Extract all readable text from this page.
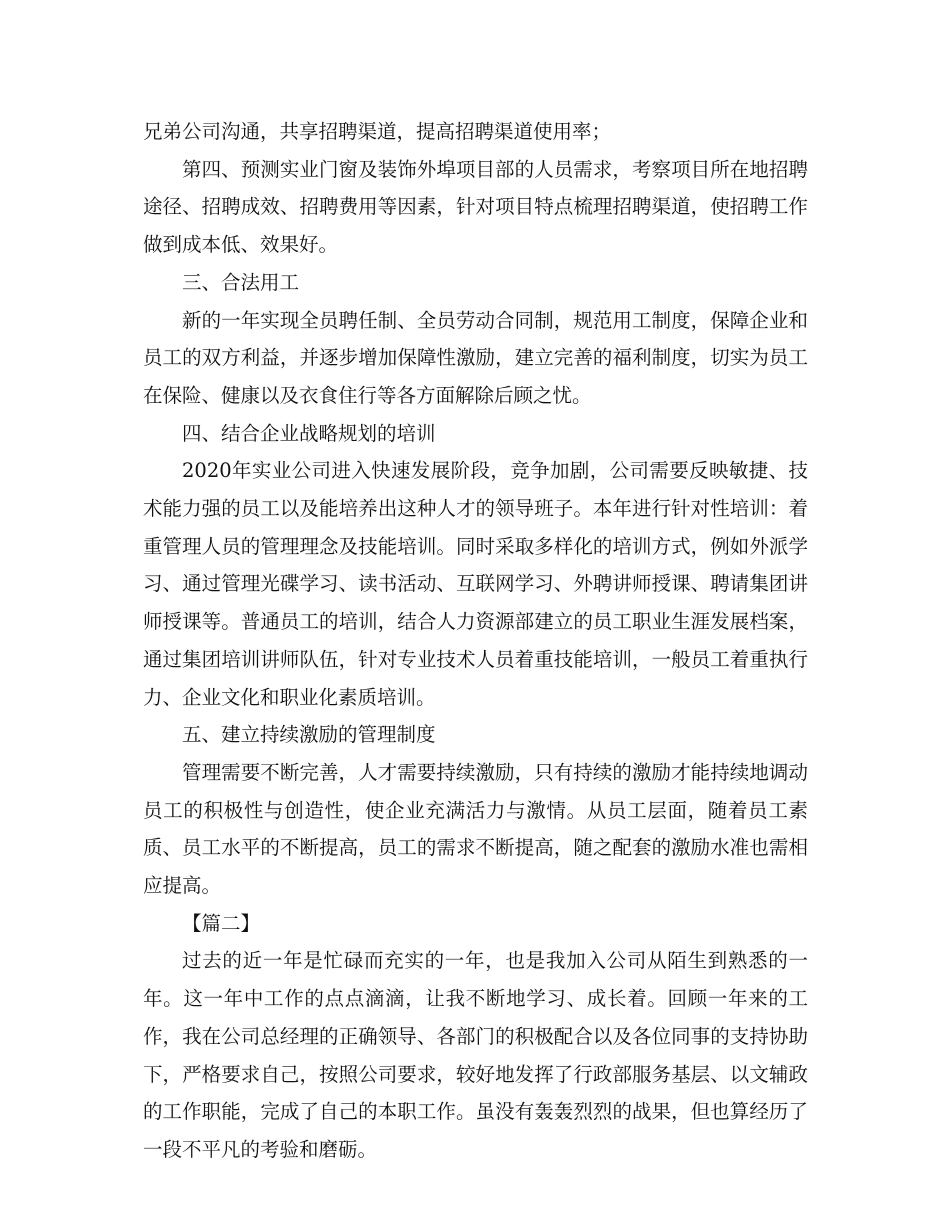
兄弟公司沟通，共享招聘渠道，提高招聘渠道使用率；

第四、预测实业门窗及装饰外埠项目部的人员需求，考察项目所在地招聘途径、招聘成效、招聘费用等因素，针对项目特点梳理招聘渠道，使招聘工作做到成本低、效果好。

三、合法用工

新的一年实现全员聘任制、全员劳动合同制，规范用工制度，保障企业和员工的双方利益，并逐步增加保障性激励，建立完善的福利制度，切实为员工在保险、健康以及衣食住行等各方面解除后顾之忧。

四、结合企业战略规划的培训

2020年实业公司进入快速发展阶段，竞争加剧，公司需要反映敏捷、技术能力强的员工以及能培养出这种人才的领导班子。本年进行针对性培训：着重管理人员的管理理念及技能培训。同时采取多样化的培训方式，例如外派学习、通过管理光碟学习、读书活动、互联网学习、外聘讲师授课、聘请集团讲师授课等。普通员工的培训，结合人力资源部建立的员工职业生涯发展档案，通过集团培训讲师队伍，针对专业技术人员着重技能培训，一般员工着重执行力、企业文化和职业化素质培训。

五、建立持续激励的管理制度

管理需要不断完善，人才需要持续激励，只有持续的激励才能持续地调动员工的积极性与创造性，使企业充满活力与激情。从员工层面，随着员工素质、员工水平的不断提高，员工的需求不断提高，随之配套的激励水准也需相应提高。

【篇二】

过去的近一年是忙碌而充实的一年，也是我加入公司从陌生到熟悉的一年。这一年中工作的点点滴滴，让我不断地学习、成长着。回顾一年来的工作，我在公司总经理的正确领导、各部门的积极配合以及各位同事的支持协助下，严格要求自己，按照公司要求，较好地发挥了行政部服务基层、以文辅政的工作职能，完成了自己的本职工作。虽没有轰轰烈烈的战果，但也算经历了一段不平凡的考验和磨砺。
